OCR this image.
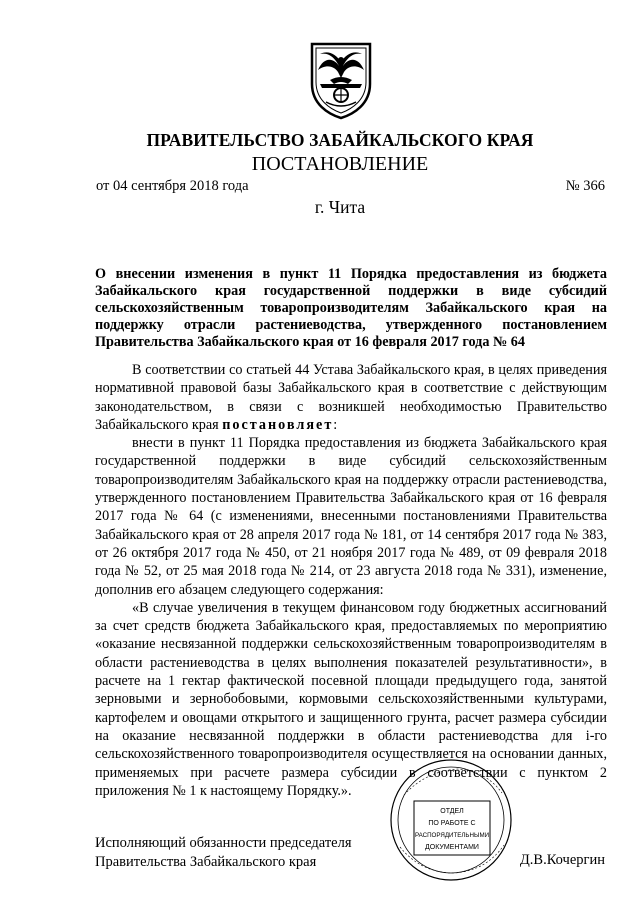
ПРАВИТЕЛЬСТВО ЗАБАЙКАЛЬСКОГО КРАЯ
ПОСТАНОВЛЕНИЕ
от 04 сентября 2018 года	№ 366
г. Чита
О внесении изменения в пункт 11 Порядка предоставления из бюджета Забайкальского края государственной поддержки в виде субсидий сельскохозяйственным товаропроизводителям Забайкальского края на поддержку отрасли растениеводства, утвержденного постановлением Правительства Забайкальского края от 16 февраля 2017 года № 64

В соответствии со статьей 44 Устава Забайкальского края, в целях приведения нормативной правовой базы Забайкальского края в соответствие с действующим законодательством, в связи с возникшей необходимостью Правительство Забайкальского края постановляет:

внести в пункт 11 Порядка предоставления из бюджета Забайкальского края государственной поддержки в виде субсидий сельскохозяйственным товаропроизводителям Забайкальского края на поддержку отрасли растениеводства, утвержденного постановлением Правительства Забайкальского края от 16 февраля 2017 года № 64 (с изменениями, внесенными постановлениями Правительства Забайкальского края от 28 апреля 2017 года № 181, от 14 сентября 2017 года № 383, от 26 октября 2017 года № 450, от 21 ноября 2017 года № 489, от 09 февраля 2018 года № 52, от 25 мая 2018 года № 214, от 23 августа 2018 года № 331), изменение, дополнив его абзацем следующего содержания:

«В случае увеличения в текущем финансовом году бюджетных ассигнований за счет средств бюджета Забайкальского края, предоставляемых по мероприятию «оказание несвязанной поддержки сельскохозяйственным товаропроизводителям в области растениеводства в целях выполнения показателей результативности», в расчете на 1 гектар фактической посевной площади предыдущего года, занятой зерновыми и зернобобовыми, кормовыми сельскохозяйственными культурами, картофелем и овощами открытого и защищенного грунта, расчет размера субсидии на оказание несвязанной поддержки в области растениеводства для i-го сельскохозяйственного товаропроизводителя осуществляется на основании данных, применяемых при расчете размера субсидии в соответствии с пунктом 2 приложения № 1 к настоящему Порядку.».

Исполняющий обязанности председателя
Правительства Забайкальского края	Д.В.Кочергин
ОТДЕЛ
ПО РАБОТЕ С
РАСПОРЯДИТЕЛЬНЫМИ
ДОКУМЕНТАМИ
